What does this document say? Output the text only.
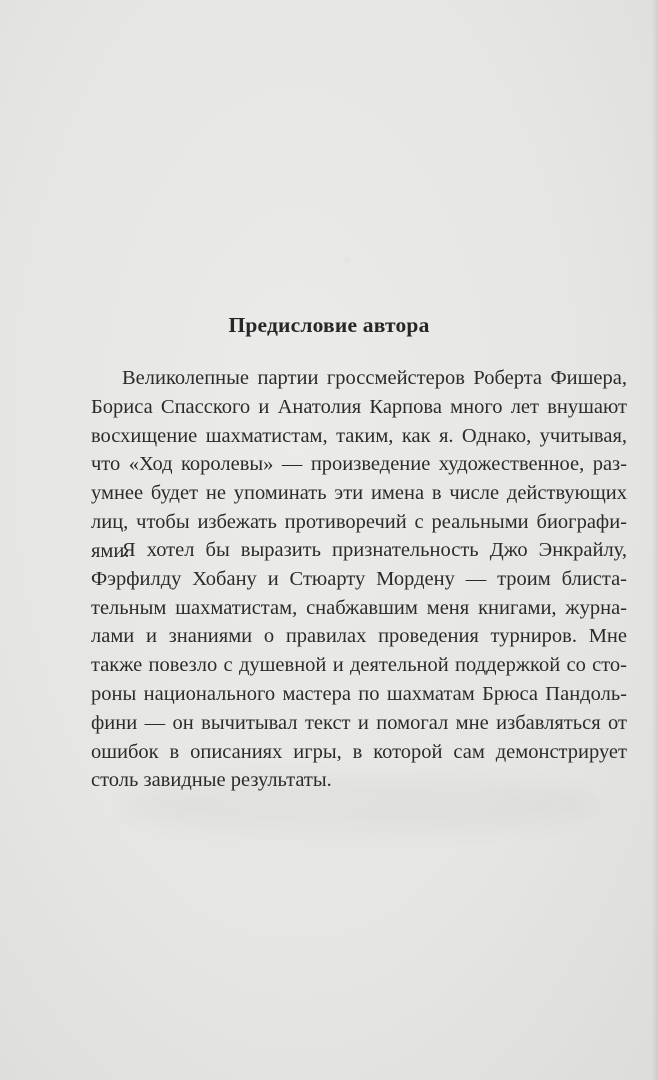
Предисловие автора
Великолепные партии гроссмейстеров Роберта Фишера,
Бориса Спасского и Анатолия Карпова много лет внушают
восхищение шахматистам, таким, как я. Однако, учитывая,
что «Ход королевы» — произведение художественное, раз-
умнее будет не упоминать эти имена в числе действующих
лиц, чтобы избежать противоречий с реальными биографи-
ями.
Я хотел бы выразить признательность Джо Энкрайлу,
Фэрфилду Хобану и Стюарту Мордену — троим блиста-
тельным шахматистам, снабжавшим меня книгами, журна-
лами и знаниями о правилах проведения турниров. Мне
также повезло с душевной и деятельной поддержкой со сто-
роны национального мастера по шахматам Брюса Пандоль-
фини — он вычитывал текст и помогал мне избавляться от
ошибок в описаниях игры, в которой сам демонстрирует
столь завидные результаты.
